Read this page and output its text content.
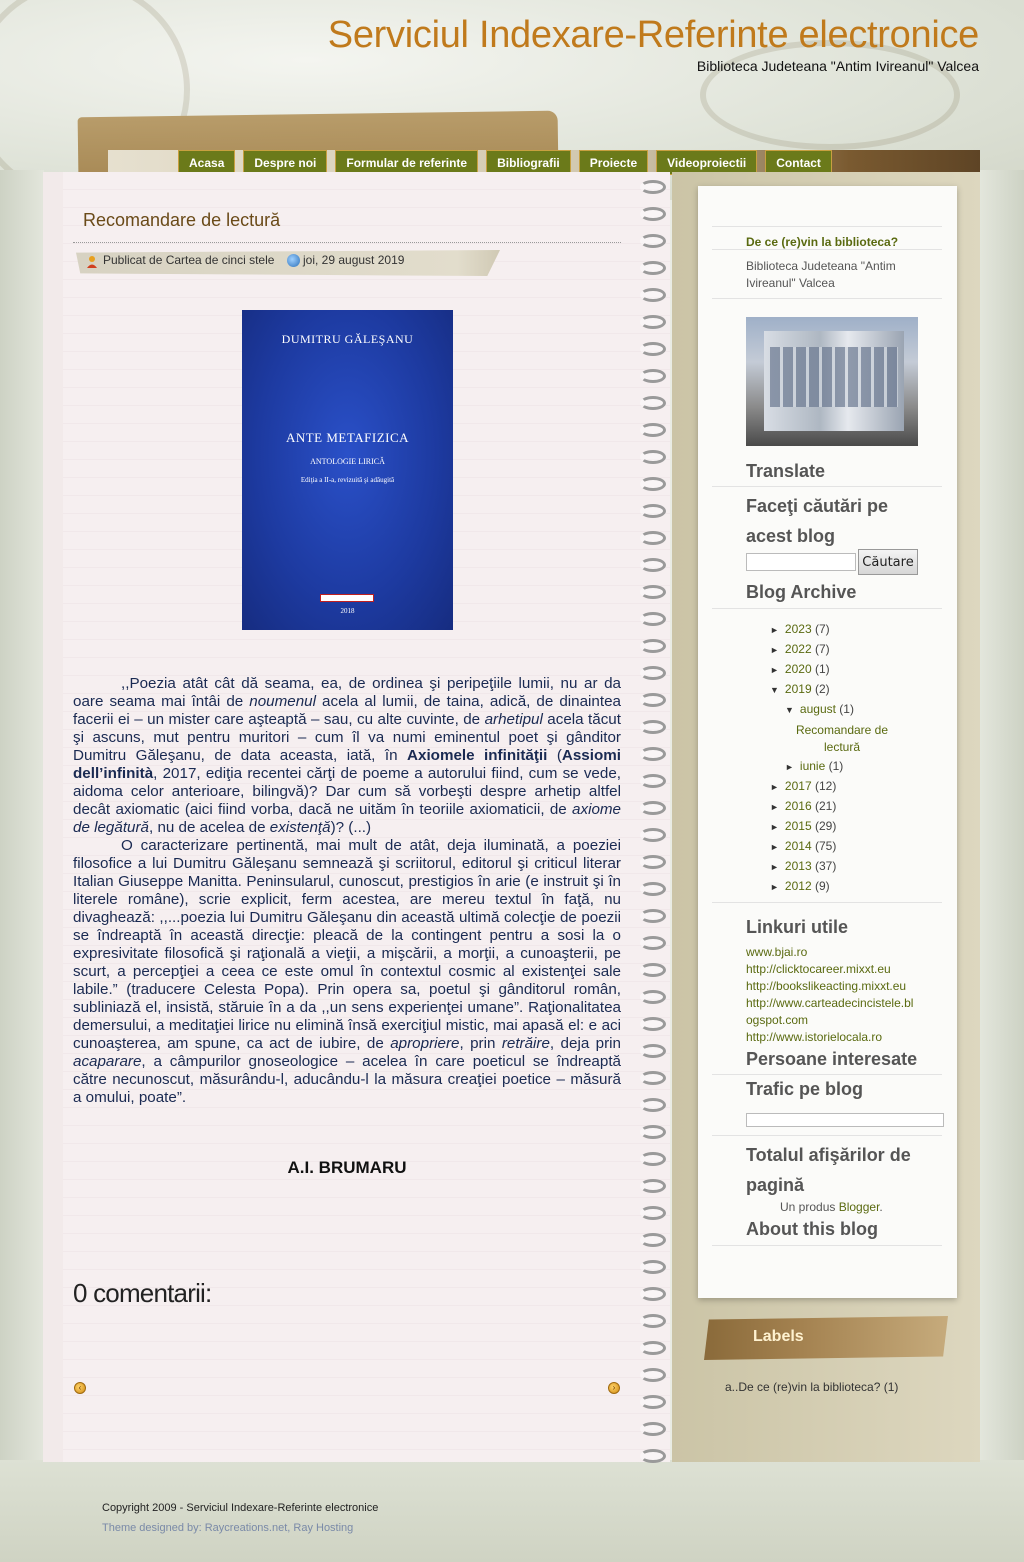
Serviciul Indexare-Referinte electronice
Biblioteca Judeteana "Antim Ivireanul" Valcea
Acasa	Despre noi	Formular de referinte	Bibliografii	Proiecte	Videoproiectii	Contact
Recomandare de lectură
Publicat de Cartea de cinci stele joi, 29 august 2019
DUMITRU GĂLEŞANU
ANTE METAFIZICA
ANTOLOGIE LIRICĂ
Ediţia a II-a, revizuită şi adăugită
2018

,,Poezia atât cât dă seama, ea, de ordinea şi peripeţiile lumii, nu ar da oare seama mai întâi de noumenul acela al lumii, de taina, adică, de dinaintea facerii ei – un mister care aşteaptă – sau, cu alte cuvinte, de arhetipul acela tăcut şi ascuns, mut pentru muritori – cum îl va numi eminentul poet şi gânditor Dumitru Gălеşanu, de data aceasta, iată, în Axiomele infinităţii (Assiomi dell’infinità, 2017, ediţia recentei cărţi de poeme a autorului fiind, cum se vede, aidoma celor anterioare, bilingvă)? Dar cum să vorbeşti despre arhetip altfel decât axiomatic (aici fiind vorba, dacă ne uităm în teoriile axiomaticii, de axiome de legătură, nu de acelea de existenţă)? (...)

O caracterizare pertinentă, mai mult de atât, deja iluminată, a poeziei filosofice a lui Dumitru Gălеşanu semnează şi scriitorul, editorul şi criticul literar Italian Giuseppe Manitta. Peninsularul, cunoscut, prestigios în arie (e instruit şi în literele române), scrie explicit, ferm acestea, are mereu textul în faţă, nu divaghează: ,,...poezia lui Dumitru Gălеşanu din această ultimă colecţie de poezii se îndreaptă în această direcţie: pleacă de la contingent pentru a sosi la o expresivitate filosofică şi raţională a vieţii, a mişcării, a morţii, a cunoaşterii, pe scurt, a percepţiei a ceea ce este omul în contextul cosmic al existenţei sale labile.” (traducere Celesta Popa). Prin opera sa, poetul şi gânditorul român, subliniază el, insistă, stăruie în a da ,,un sens experienţei umane”. Raţionalitatea demersului, a meditaţiei lirice nu elimină însă exerciţiul mistic, mai apasă el: e aci cunoaşterea, am spune, ca act de iubire, de apropriere, prin retrăire, deja prin acaparare, a câmpurilor gnoseologice – acelea în care poeticul se îndreaptă către necunoscut, măsurându-l, aducându-l la măsura creaţiei poetice – măsură a omului, poate”.

A.I. BRUMARU
0 comentarii:
‹	›
De ce (re)vin la biblioteca?
Biblioteca Judeteana "Antim Ivireanul" Valcea
Translate
Faceţi căutări pe acest blog
Căutare
Blog Archive
► 2023 (7)
► 2022 (7)
► 2020 (1)
▼ 2019 (2)
▼ august (1)
Recomandare de lectură
► iunie (1)
► 2017 (12)
► 2016 (21)
► 2015 (29)
► 2014 (75)
► 2013 (37)
► 2012 (9)
Linkuri utile
www.bjai.ro
http://clicktocareer.mixxt.eu
http://bookslikeacting.mixxt.eu
http://www.carteadecincistele.blogspot.com
http://www.istorielocala.ro
Persoane interesate
Trafic pe blog
Totalul afişărilor de pagină
Un produs Blogger.
About this blog
Labels
a..De ce (re)vin la biblioteca? (1)
Copyright 2009 - Serviciul Indexare-Referinte electronice
Theme designed by: Raycreations.net, Ray Hosting
